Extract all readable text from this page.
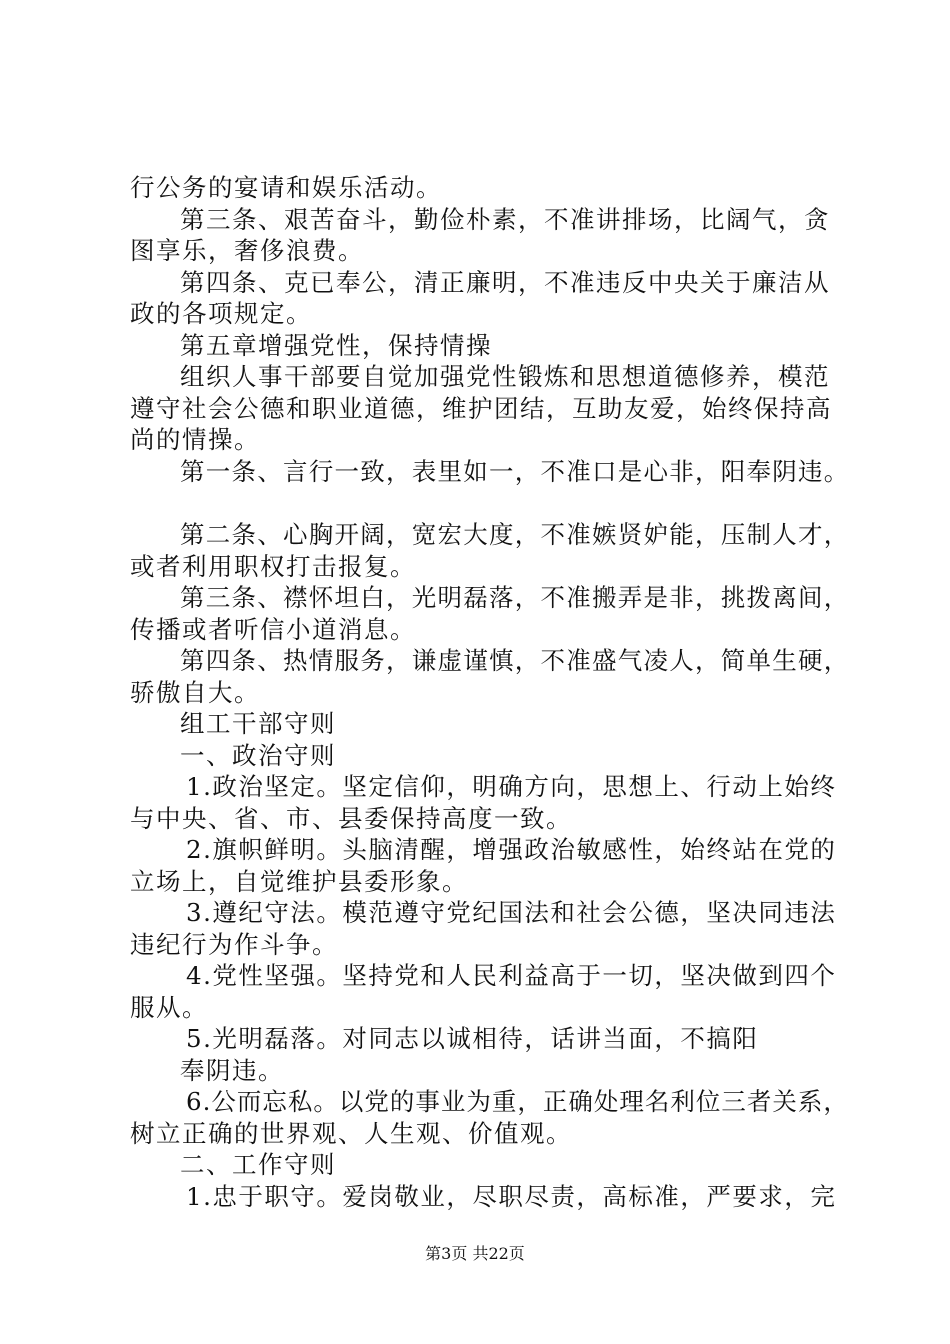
行公务的宴请和娱乐活动。
第三条、艰苦奋斗，勤俭朴素，不准讲排场，比阔气，贪
图享乐，奢侈浪费。
第四条、克已奉公，清正廉明，不准违反中央关于廉洁从
政的各项规定。
第五章增强党性，保持情操
组织人事干部要自觉加强党性锻炼和思想道德修养，模范
遵守社会公德和职业道德，维护团结，互助友爱，始终保持高
尚的情操。
第一条、言行一致，表里如一，不准口是心非，阳奉阴违。
第二条、心胸开阔，宽宏大度，不准嫉贤妒能，压制人才，
或者利用职权打击报复。
第三条、襟怀坦白，光明磊落，不准搬弄是非，挑拨离间，
传播或者听信小道消息。
第四条、热情服务，谦虚谨慎，不准盛气凌人，简单生硬，
骄傲自大。
组工干部守则
一、政治守则
1.政治坚定。坚定信仰，明确方向，思想上、行动上始终
与中央、省、市、县委保持高度一致。
2.旗帜鲜明。头脑清醒，增强政治敏感性，始终站在党的
立场上，自觉维护县委形象。
3.遵纪守法。模范遵守党纪国法和社会公德，坚决同违法
违纪行为作斗争。
4.党性坚强。坚持党和人民利益高于一切，坚决做到四个
服从。
5.光明磊落。对同志以诚相待，话讲当面，不搞阳
奉阴违。
6.公而忘私。以党的事业为重，正确处理名利位三者关系，
树立正确的世界观、人生观、价值观。
二、工作守则
1.忠于职守。爱岗敬业，尽职尽责，高标准，严要求，完
第3页 共22页
